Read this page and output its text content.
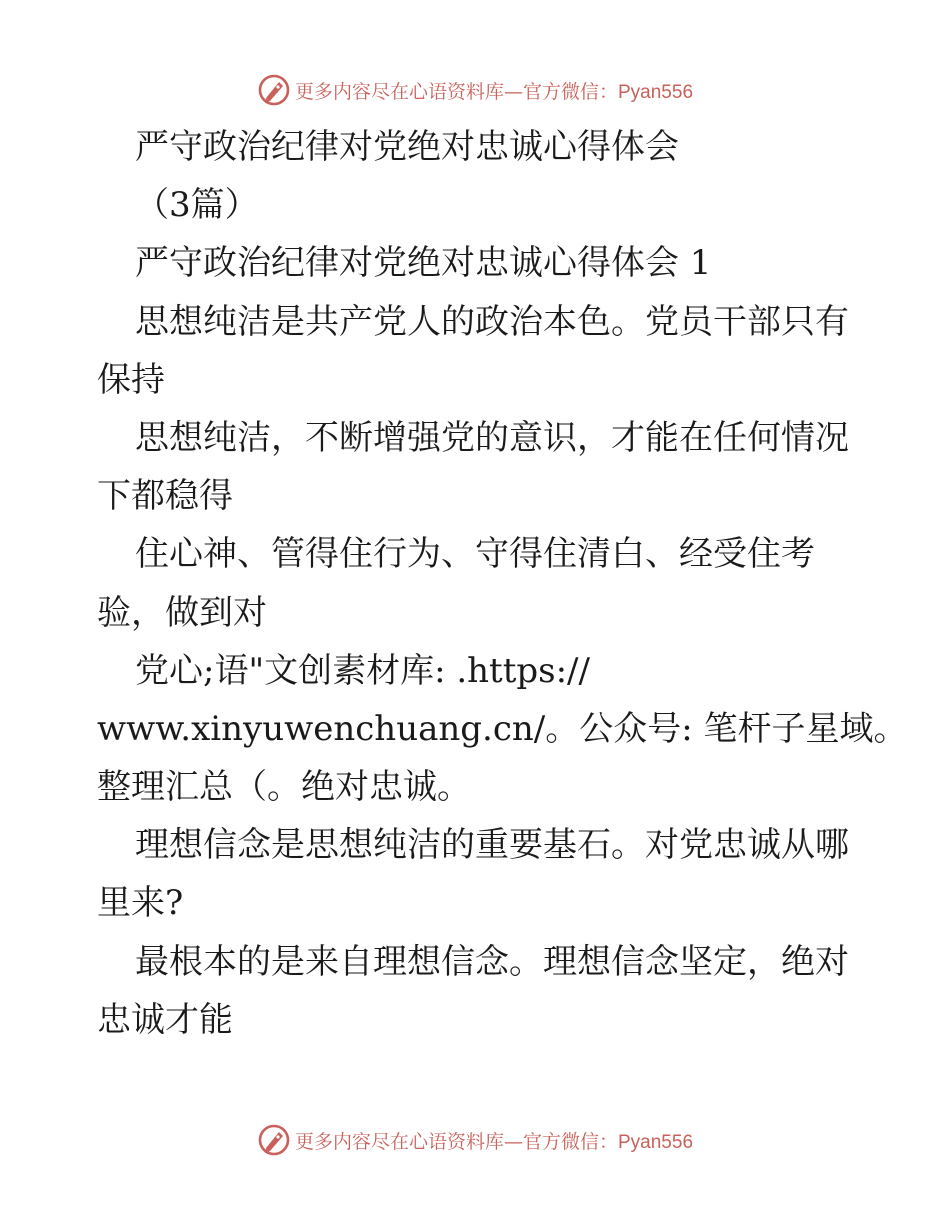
更多内容尽在心语资料库—官方微信：Pyan556
严守政治纪律对党绝对忠诚心得体会
（3篇）
严守政治纪律对党绝对忠诚心得体会 1
思想纯洁是共产党人的政治本色。党员干部只有
保持
思想纯洁，不断增强党的意识，才能在任何情况
下都稳得
住心神、管得住行为、守得住清白、经受住考
验，做到对
党心;语"文创素材库: .https://
www.xinyuwenchuang.cn/。公众号: 笔杆子星域。
整理汇总（。绝对忠诚。
理想信念是思想纯洁的重要基石。对党忠诚从哪
里来?
最根本的是来自理想信念。理想信念坚定，绝对
忠诚才能
更多内容尽在心语资料库—官方微信：Pyan556
